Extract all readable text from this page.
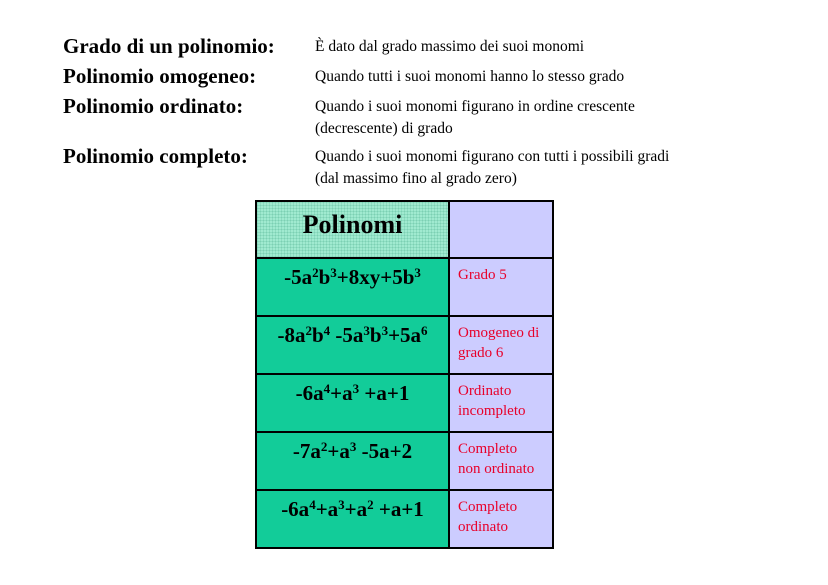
Grado di un polinomio:	È dato dal grado massimo dei suoi monomi
Polinomio omogeneo:	Quando tutti i suoi monomi hanno lo stesso grado
Polinomio ordinato:	Quando i suoi monomi figurano in ordine crescente
(decrescente) di grado
Polinomio completo:	Quando i suoi monomi figurano con tutti i possibili gradi
(dal massimo fino al grado zero)
Polinomi	
$-5a^2b^3+8xy+5b^3$	Grado 5

$-8a^2b^4$ $-5a^3b^3+5a^6$	Omogeneo di
grado 6

$-6a^4+a^3 +a+1$	Ordinato
incompleto

$-7a^2+a^3$ -5a+2	Completo
non ordinato

$-6a^4+a^3+a^2 +a+1$	Completo
ordinato
